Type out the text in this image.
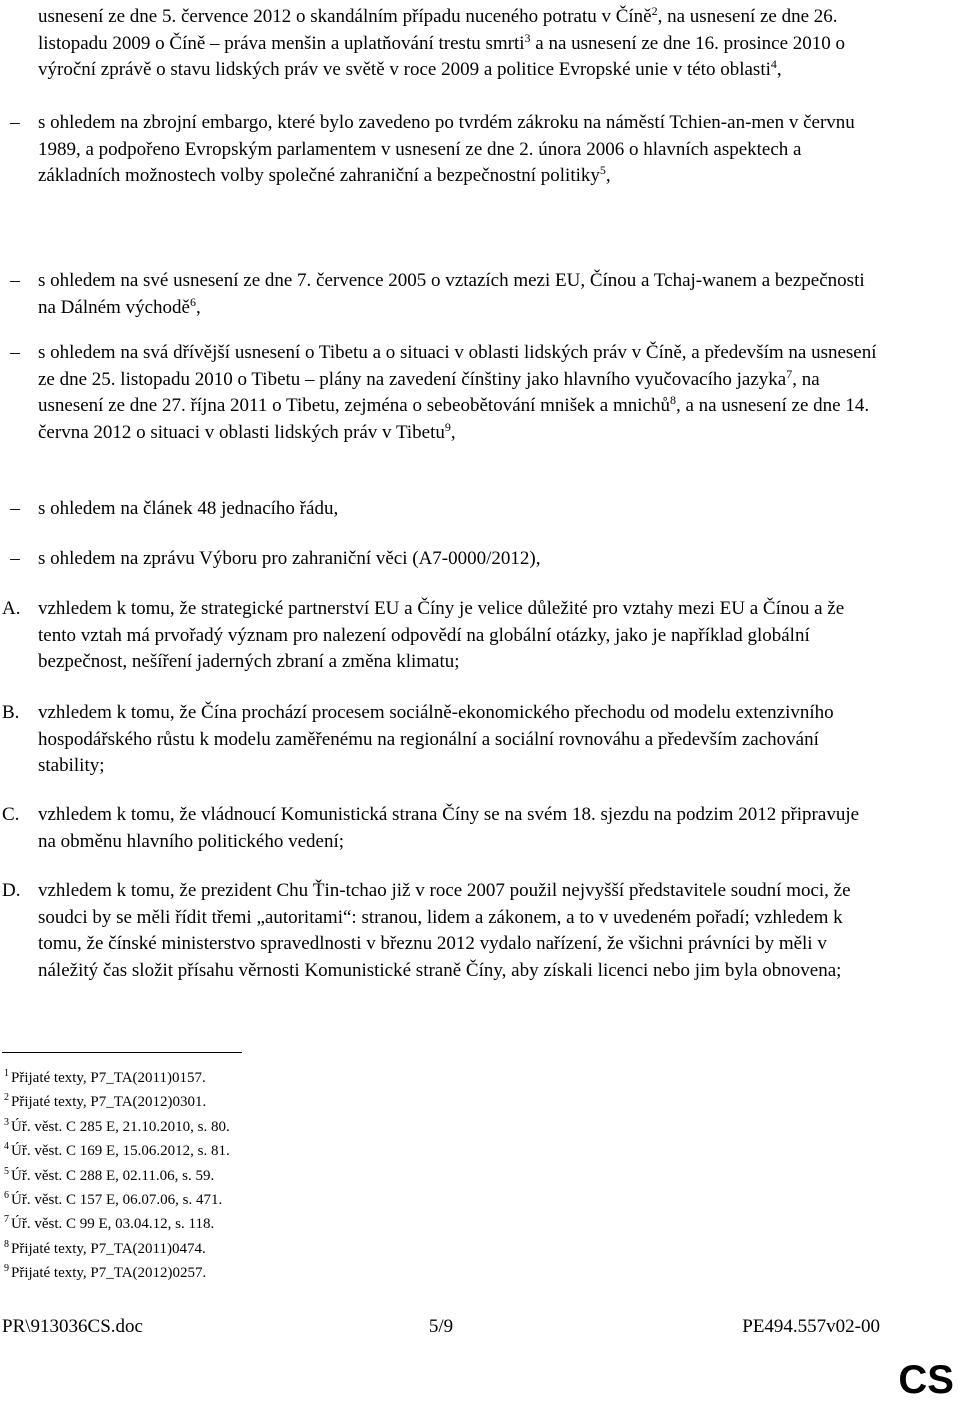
usnesení ze dne 5. července 2012 o skandálním případu nuceného potratu v Číně$^2$, na usnesení ze dne 26. listopadu 2009 o Číně – práva menšin a uplatňování trestu smrti$^3$ a na usnesení ze dne 16. prosince 2010 o výroční zprávě o stavu lidských práv ve světě v roce 2009 a politice Evropské unie v této oblasti$^4$,
– s ohledem na zbrojní embargo, které bylo zavedeno po tvrdém zákroku na náměstí Tchien-an-men v červnu 1989, a podpořeno Evropským parlamentem v usnesení ze dne 2. února 2006 o hlavních aspektech a základních možnostech volby společné zahraniční a bezpečnostní politiky$^5$,
– s ohledem na své usnesení ze dne 7. července 2005 o vztazích mezi EU, Čínou a Tchaj-wanem a bezpečnosti na Dálném východě$^6$,
– s ohledem na svá dřívější usnesení o Tibetu a o situaci v oblasti lidských práv v Číně, a především na usnesení ze dne 25. listopadu 2010 o Tibetu – plány na zavedení čínštiny jako hlavního vyučovacího jazyka$^7$, na usnesení ze dne 27. října 2011 o Tibetu, zejména o sebeobětování mnišek a mnichů$^8$, a na usnesení ze dne 14. června 2012 o situaci v oblasti lidských práv v Tibetu$^9$,
– s ohledem na článek 48 jednacího řádu,
– s ohledem na zprávu Výboru pro zahraniční věci (A7-0000/2012),
A. vzhledem k tomu, že strategické partnerství EU a Číny je velice důležité pro vztahy mezi EU a Čínou a že tento vztah má prvořadý význam pro nalezení odpovědí na globální otázky, jako je například globální bezpečnost, nešíření jaderných zbraní a změna klimatu;
B. vzhledem k tomu, že Čína prochází procesem sociálně-ekonomického přechodu od modelu extenzivního hospodářského růstu k modelu zaměřenému na regionální a sociální rovnováhu a především zachování stability;
C. vzhledem k tomu, že vládnoucí Komunistická strana Číny se na svém 18. sjezdu na podzim 2012 připravuje na obměnu hlavního politického vedení;
D. vzhledem k tomu, že prezident Chu Ťin-tchao již v roce 2007 použil nejvyšší představitele soudní moci, že soudci by se měli řídit třemi „autoritami“: stranou, lidem a zákonem, a to v uvedeném pořadí; vzhledem k tomu, že čínské ministerstvo spravedlnosti v březnu 2012 vydalo nařízení, že všichni právníci by měli v náležitý čas složit přísahu věrnosti Komunistické straně Číny, aby získali licenci nebo jim byla obnovena;
$^1$ Přijaté texty, P7_TA(2011)0157.
$^2$ Přijaté texty, P7_TA(2012)0301.
$^3$ Úř. věst. C 285 E, 21.10.2010, s. 80.
$^4$ Úř. věst. C 169 E, 15.06.2012, s. 81.
$^5$ Úř. věst. C 288 E, 02.11.06, s. 59.
$^6$ Úř. věst. C 157 E, 06.07.06, s. 471.
$^7$ Úř. věst. C 99 E, 03.04.12, s. 118.
$^8$ Přijaté texty, P7_TA(2011)0474.
$^9$ Přijaté texty, P7_TA(2012)0257.
PR\913036CS.doc	5/9	PE494.557v02-00
CS
